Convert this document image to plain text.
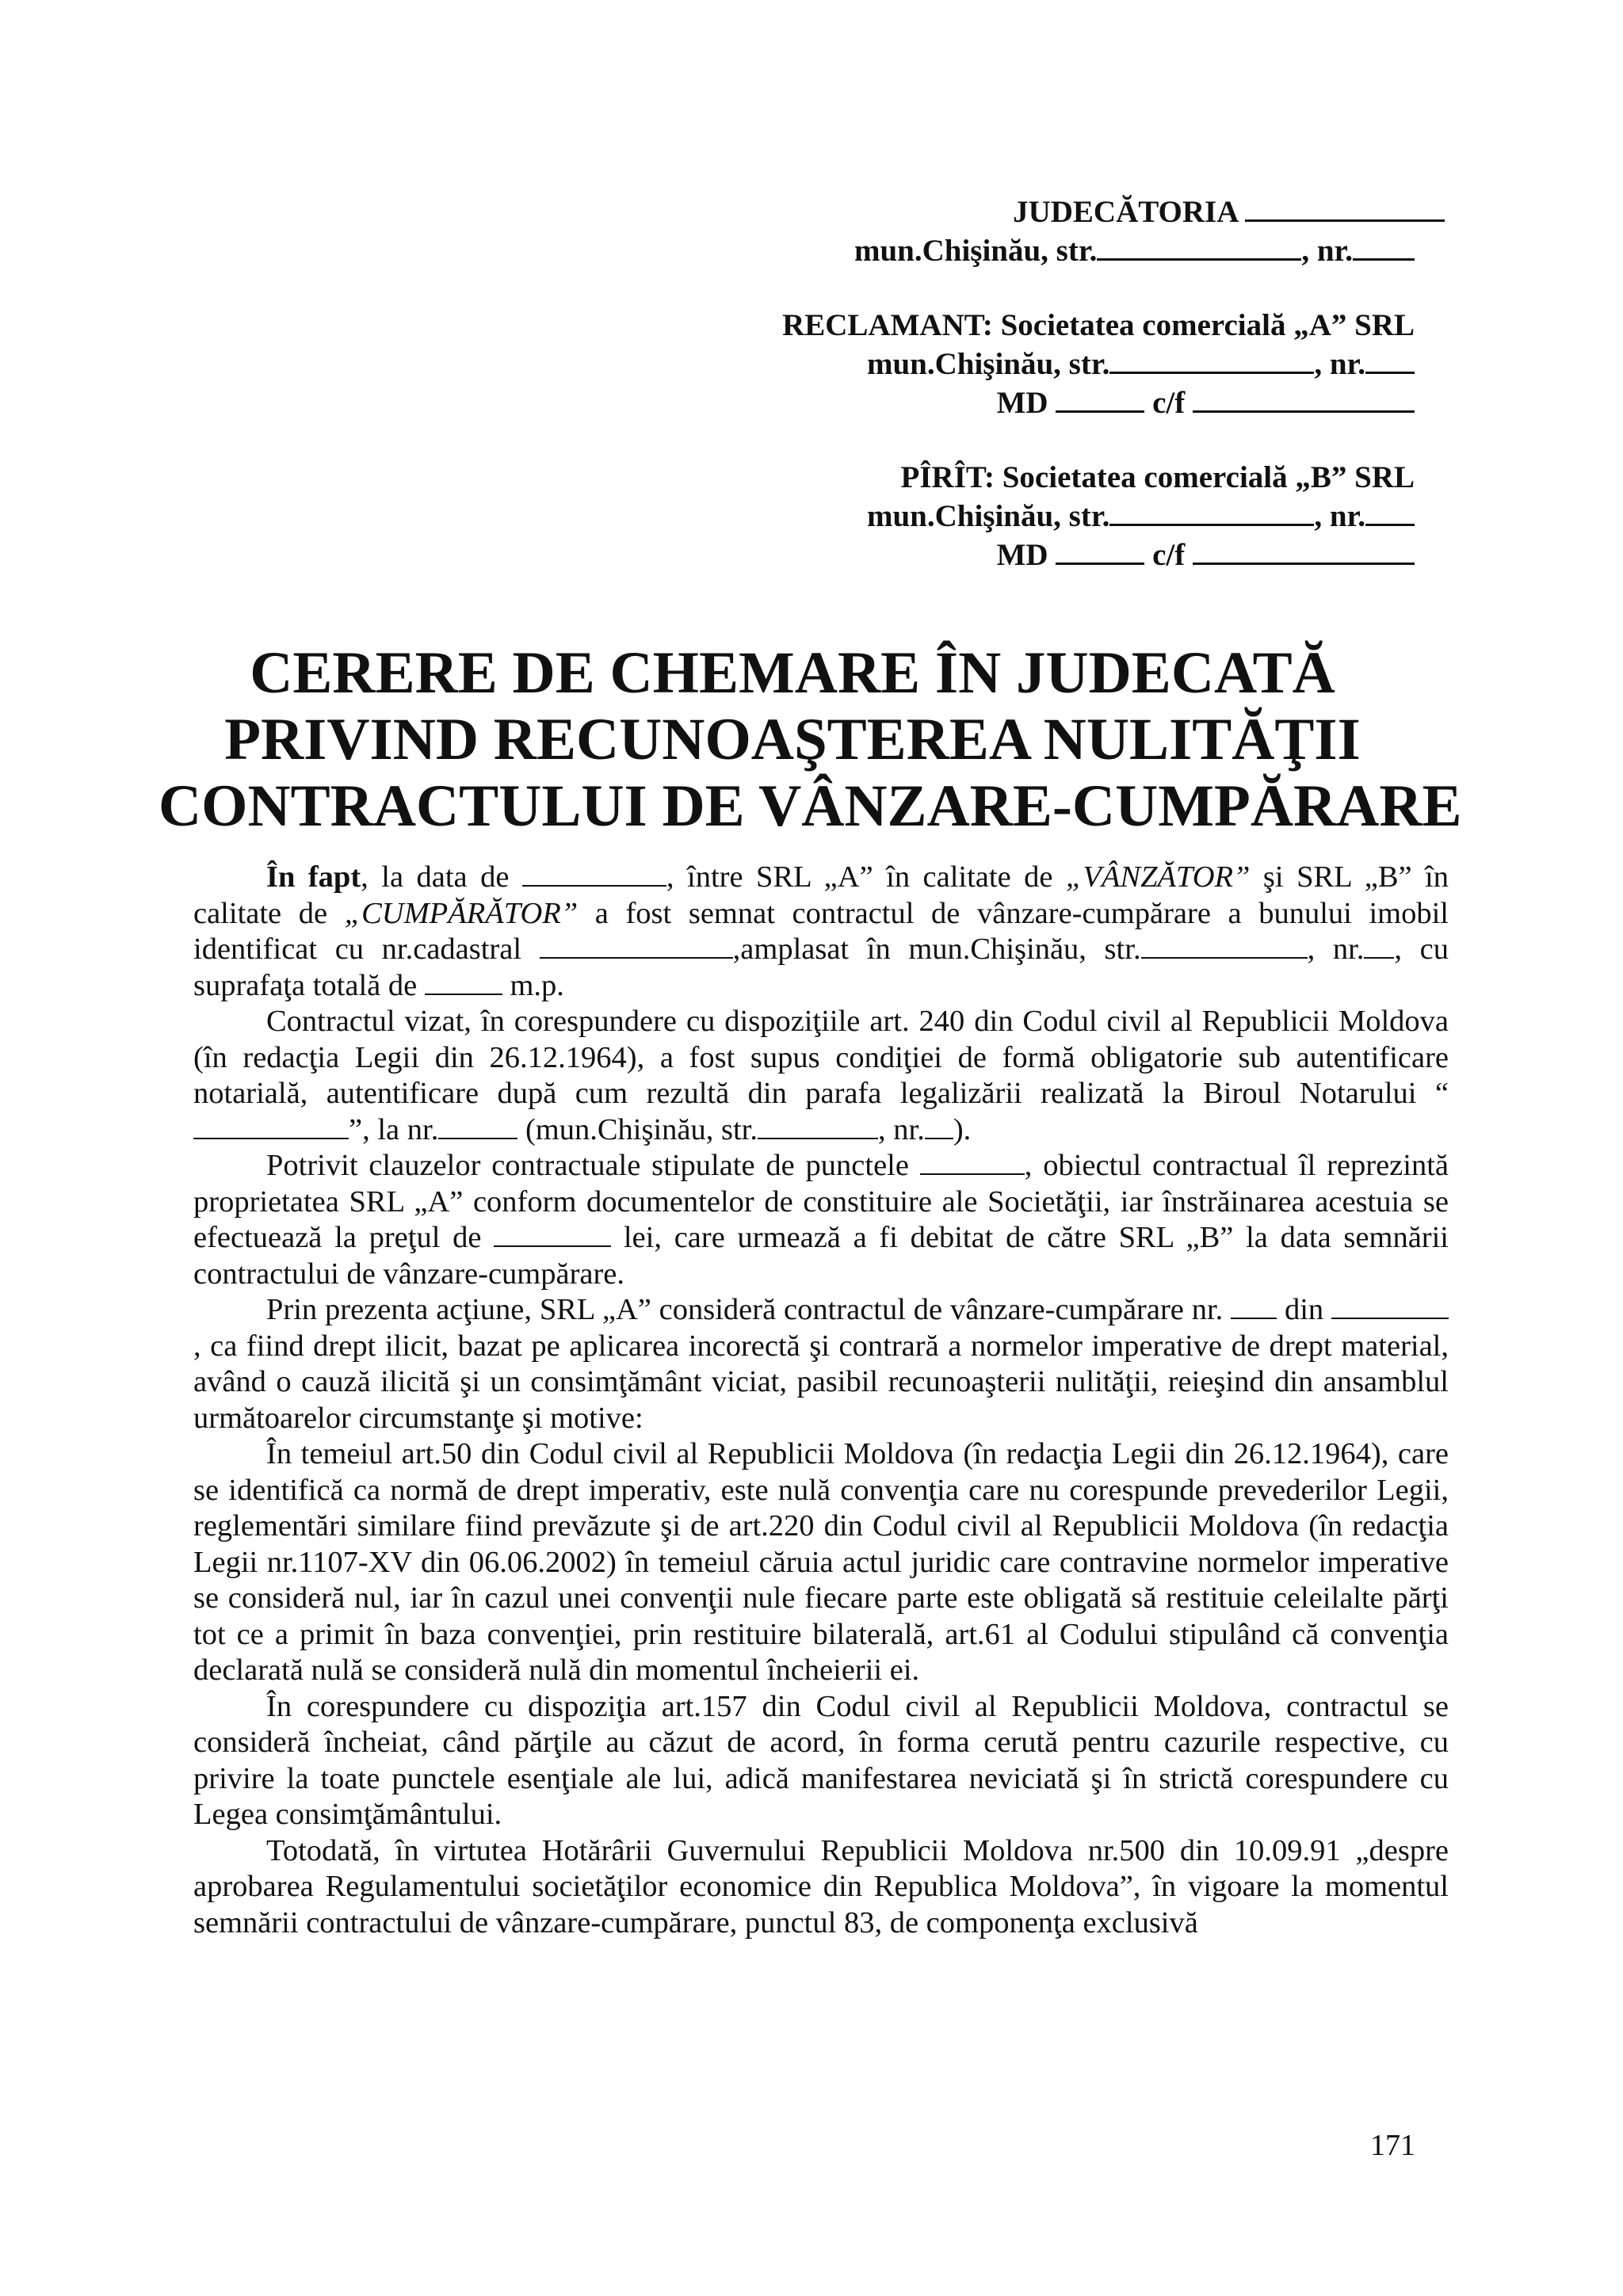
JUDECĂTORIA
mun.Chişinău, str.	, nr.
RECLAMANT: Societatea comercială „A” SRL
mun.Chişinău, str.	, nr.
MD	c/f
PÎRÎT: Societatea comercială „B” SRL
mun.Chişinău, str.	, nr.
MD	c/f
CERERE DE CHEMARE ÎN JUDECATĂ
PRIVIND RECUNOAŞTEREA NULITĂŢII
CONTRACTULUI DE VÂNZARE-CUMPĂRARE

În fapt, la data de	, între SRL „A” în calitate de „VÂNZĂTOR” şi SRL „B” în calitate de „CUMPĂRĂTOR” a fost semnat contractul de vânzare-cumpărare a bunului imobil identificat cu nr.cadastral	,amplasat în mun.Chişinău, str.	, nr. , cu suprafaţa totală de	m.p.

Contractul vizat, în corespundere cu dispoziţiile art. 240 din Codul civil al Republicii Moldova (în redacţia Legii din 26.12.1964), a fost supus condiţiei de formă obligatorie sub autentificare notarială, autentificare după cum rezultă din parafa legalizării realizată la Biroul Notarului “”, la nr.	(mun.Chişinău, str.	, nr. ).

Potrivit clauzelor contractuale stipulate de punctele	, obiectul contractual îl reprezintă proprietatea SRL „A” conform documentelor de constituire ale Societăţii, iar înstrăinarea acestuia se efectuează la preţul de	lei, care urmează a fi debitat de către SRL „B” la data semnării contractului de vânzare-cumpărare.

Prin prezenta acţiune, SRL „A” consideră contractul de vânzare-cumpărare nr.  din , ca fiind drept ilicit, bazat pe aplicarea incorectă şi contrară a normelor imperative de drept material, având o cauză ilicită şi un consimţământ viciat, pasibil recunoaşterii nulităţii, reieşind din ansamblul următoarelor circumstanţe şi motive:

În temeiul art.50 din Codul civil al Republicii Moldova (în redacţia Legii din 26.12.1964), care se identifică ca normă de drept imperativ, este nulă convenţia care nu corespunde prevederilor Legii, reglementări similare fiind prevăzute şi de art.220 din Codul civil al Republicii Moldova (în redacţia Legii nr.1107-XV din 06.06.2002) în temeiul căruia actul juridic care contravine normelor imperative se consideră nul, iar în cazul unei convenţii nule fiecare parte este obligată să restituie celeilalte părţi tot ce a primit în baza convenţiei, prin restituire bilaterală, art.61 al Codului stipulând că convenţia declarată nulă se consideră nulă din momentul încheierii ei.

În corespundere cu dispoziţia art.157 din Codul civil al Republicii Moldova, contractul se consideră încheiat, când părţile au căzut de acord, în forma cerută pentru cazurile respective, cu privire la toate punctele esenţiale ale lui, adică manifestarea neviciată şi în strictă corespundere cu Legea consimţământului.

Totodată, în virtutea Hotărârii Guvernului Republicii Moldova nr.500 din 10.09.91 „despre aprobarea Regulamentului societăţilor economice din Republica Moldova”, în vigoare la momentul semnării contractului de vânzare-cumpărare, punctul 83, de componenţa exclusivă

171
